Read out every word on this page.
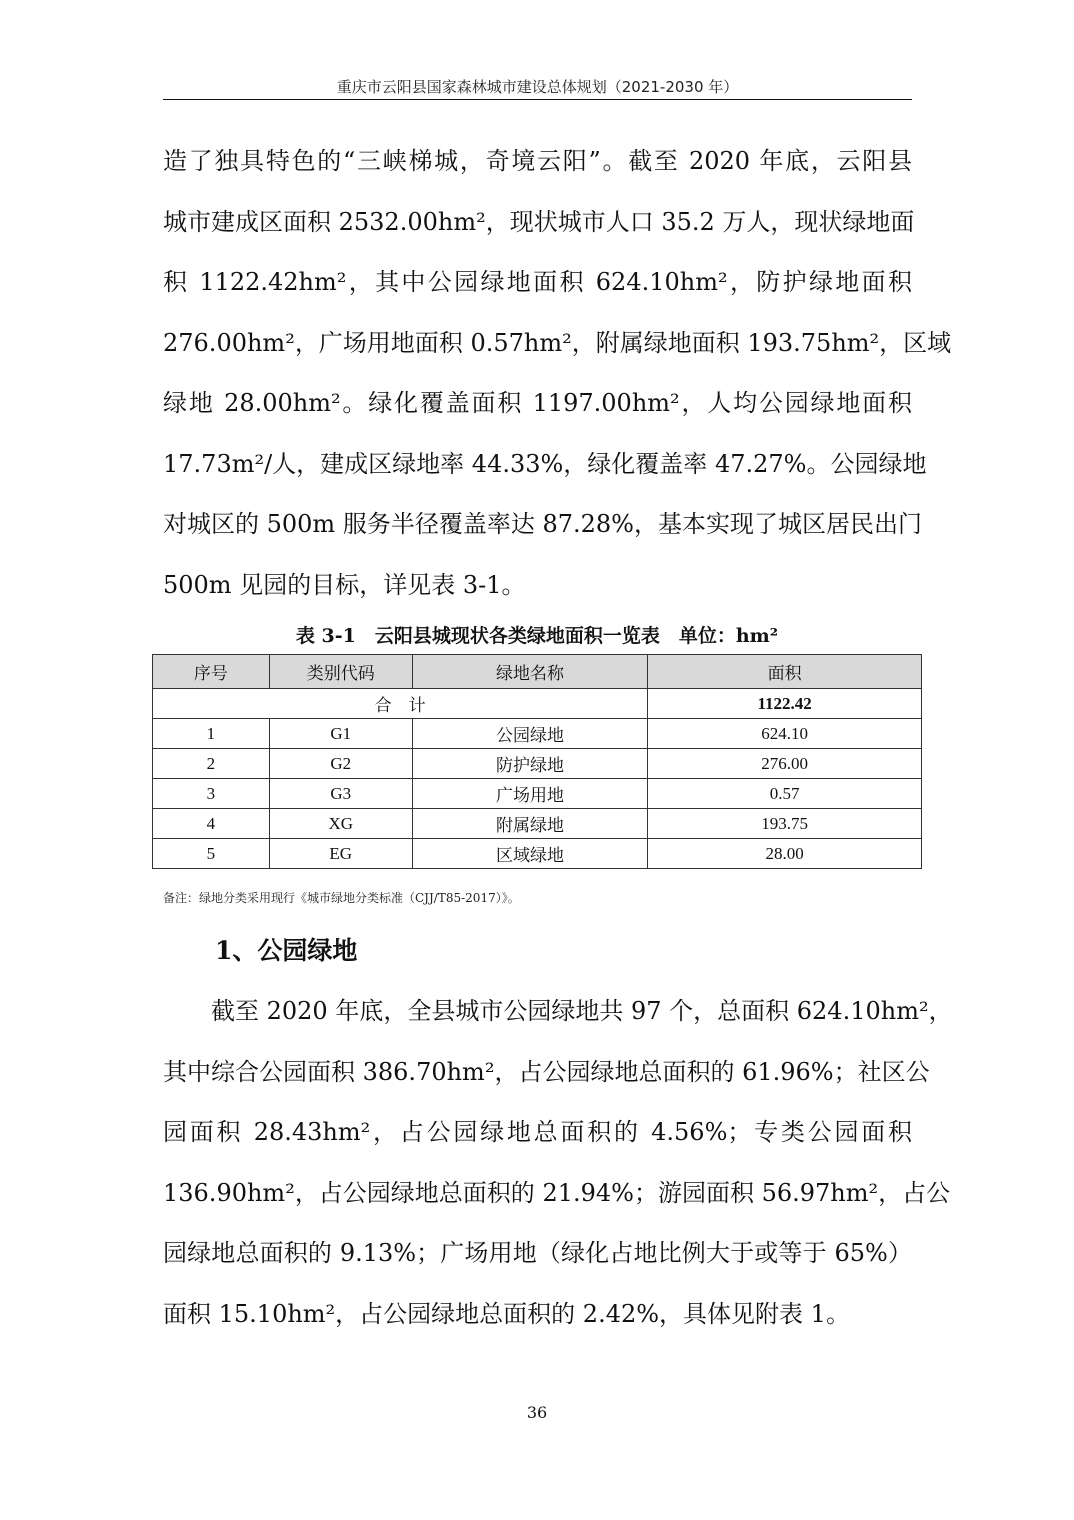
重庆市云阳县国家森林城市建设总体规划（2021-2030 年）
造了独具特色的“三峡梯城，奇境云阳”。截至 2020 年底，云阳县
城市建成区面积 2532.00hm²，现状城市人口 35.2 万人，现状绿地面
积 1122.42hm²，其中公园绿地面积 624.10hm²，防护绿地面积
276.00hm²，广场用地面积 0.57hm²，附属绿地面积 193.75hm²，区域
绿地 28.00hm²。绿化覆盖面积 1197.00hm²，人均公园绿地面积
17.73m²/人，建成区绿地率 44.33%，绿化覆盖率 47.27%。公园绿地
对城区的 500m 服务半径覆盖率达 87.28%，基本实现了城区居民出门
500m 见园的目标，详见表 3-1。
表 3-1　云阳县城现状各类绿地面积一览表　单位：hm²
序号	类别代码	绿地名称	面积
合　计			1122.42
1	G1	公园绿地	624.10
2	G2	防护绿地	276.00
3	G3	广场用地	0.57
4	XG	附属绿地	193.75
5	EG	区域绿地	28.00
备注：绿地分类采用现行《城市绿地分类标准（CJJ/T85-2017）》。
1、公园绿地
截至 2020 年底，全县城市公园绿地共 97 个，总面积 624.10hm²，
其中综合公园面积 386.70hm²，占公园绿地总面积的 61.96%；社区公
园面积 28.43hm²，占公园绿地总面积的 4.56%；专类公园面积
136.90hm²，占公园绿地总面积的 21.94%；游园面积 56.97hm²，占公
园绿地总面积的 9.13%；广场用地（绿化占地比例大于或等于 65%）
面积 15.10hm²，占公园绿地总面积的 2.42%，具体见附表 1。
36
